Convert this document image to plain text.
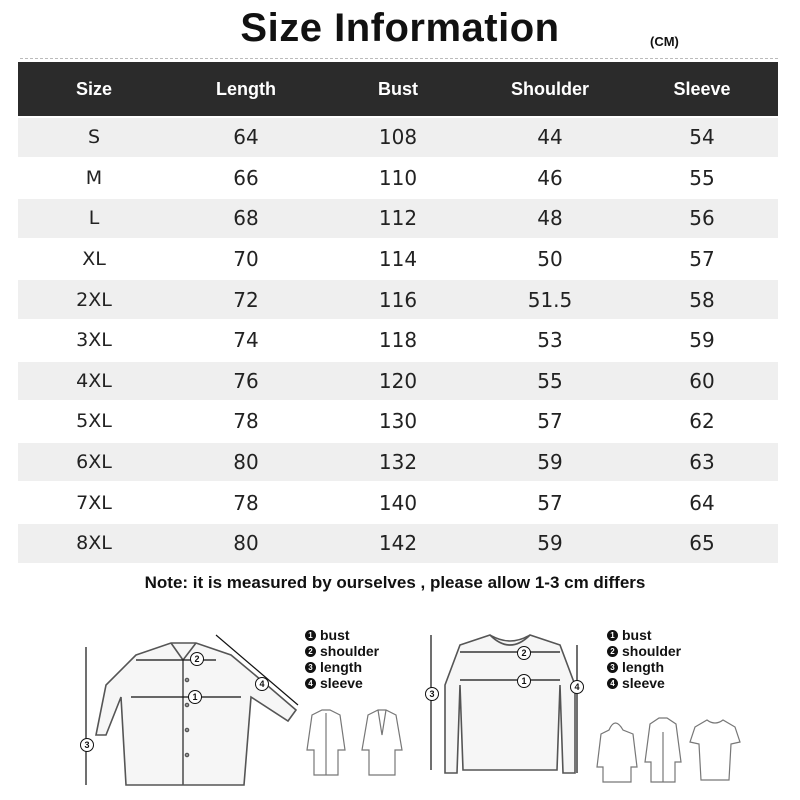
Size Information	(CM)
Size	Length	Bust	Shoulder	Sleeve

S	64	108	44	54

M	66	110	46	55

L	68	112	48	56

XL	70	114	50	57

2XL	72	116	51.5	58

3XL	74	118	53	59

4XL	76	120	55	60

5XL	78	130	57	62

6XL	80	132	59	63

7XL	78	140	57	64

8XL	80	142	59	65
Note: it is measured by ourselves , please allow 1-3 cm differs
2
1
3
4
1 bust
2 shoulder
3 length
4 sleeve
2
1
3
4
1 bust
2 shoulder
3 length
4 sleeve
